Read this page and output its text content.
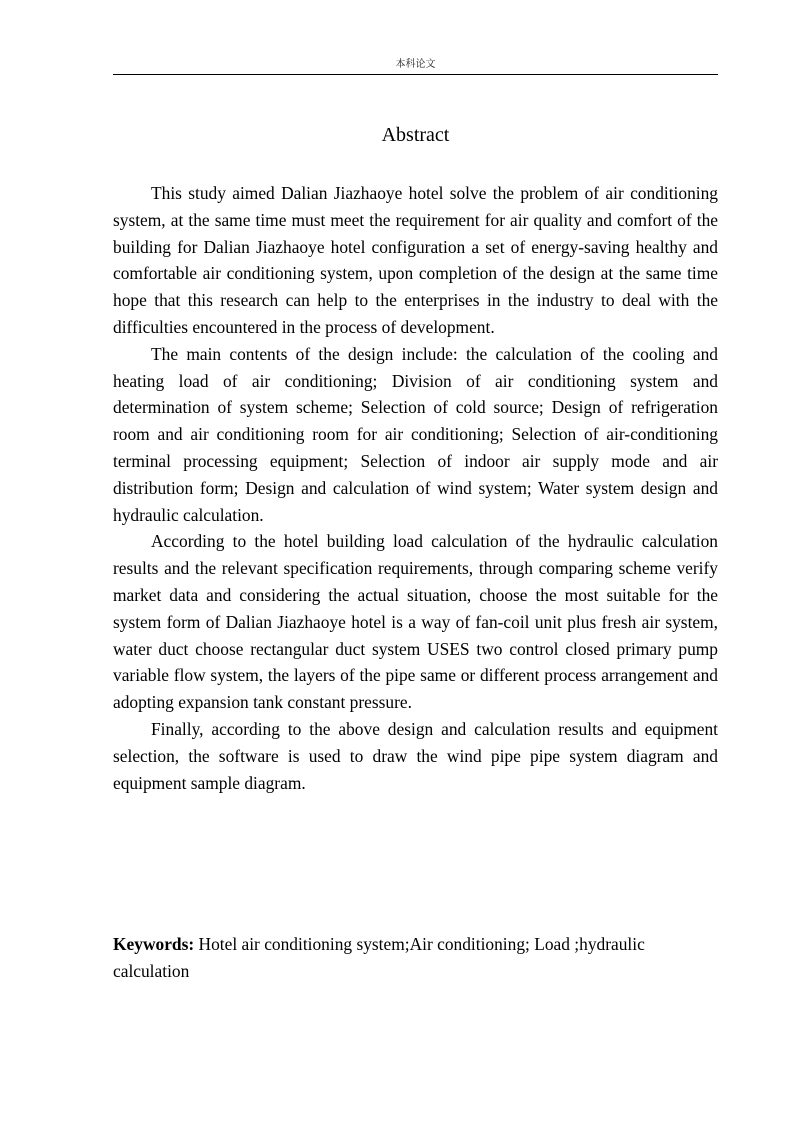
本科论文
Abstract

This study aimed Dalian Jiazhaoye hotel solve the problem of air conditioning system, at the same time must meet the requirement for air quality and comfort of the building for Dalian Jiazhaoye hotel configuration a set of energy-saving healthy and comfortable air conditioning system, upon completion of the design at the same time hope that this research can help to the enterprises in the industry to deal with the difficulties encountered in the process of development.

The main contents of the design include: the calculation of the cooling and heating load of air conditioning; Division of air conditioning system and determination of system scheme; Selection of cold source; Design of refrigeration room and air conditioning room for air conditioning; Selection of air-conditioning terminal processing equipment; Selection of indoor air supply mode and air distribution form; Design and calculation of wind system; Water system design and hydraulic calculation.

According to the hotel building load calculation of the hydraulic calculation results and the relevant specification requirements, through comparing scheme verify market data and considering the actual situation, choose the most suitable for the system form of Dalian Jiazhaoye hotel is a way of fan-coil unit plus fresh air system, water duct choose rectangular duct system USES two control closed primary pump variable flow system, the layers of the pipe same or different process arrangement and adopting expansion tank constant pressure.

Finally, according to the above design and calculation results and equipment selection, the software is used to draw the wind pipe pipe system diagram and equipment sample diagram.

Keywords: Hotel air conditioning system;Air conditioning; Load ;hydraulic calculation
